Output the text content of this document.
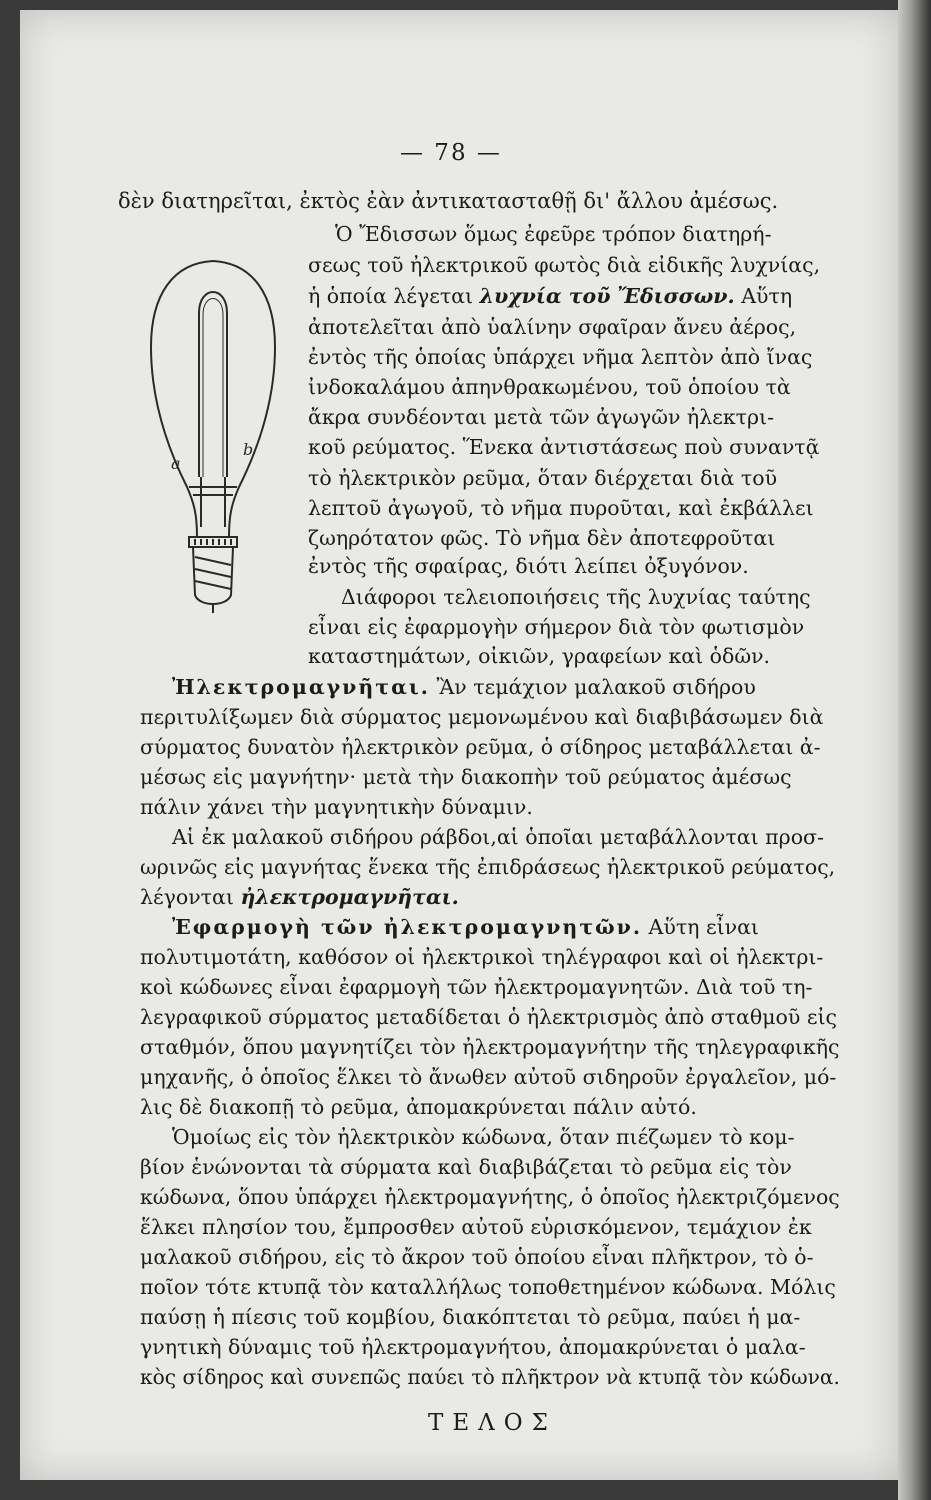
— 78 —
a
b
δὲν διατηρεῖται, ἐκτὸς ἐὰν ἀντικατασταθῇ δι' ἄλλου ἀμέσως.
Ὁ Ἔδισσων ὅμως ἐφεῦρε τρόπον διατηρή-
σεως τοῦ ἠλεκτρικοῦ φωτὸς διὰ εἰδικῆς λυχνίας,
ἡ ὁποία λέγεται λυχνία τοῦ Ἔδισσων. Αὕτη
ἀποτελεῖται ἀπὸ ὑαλίνην σφαῖραν ἄνευ ἀέρος,
ἐντὸς τῆς ὁποίας ὑπάρχει νῆμα λεπτὸν ἀπὸ ἴνας
ἰνδοκαλάμου ἀπηνθρακωμένου, τοῦ ὁποίου τὰ
ἄκρα συνδέονται μετὰ τῶν ἀγωγῶν ἠλεκτρι-
κοῦ ρεύματος. Ἕνεκα ἀντιστάσεως ποὺ συναντᾷ
τὸ ἠλεκτρικὸν ρεῦμα, ὅταν διέρχεται διὰ τοῦ
λεπτοῦ ἀγωγοῦ, τὸ νῆμα πυροῦται, καὶ ἐκβάλλει
ζωηρότατον φῶς. Τὸ νῆμα δὲν ἀποτεφροῦται
ἐντὸς τῆς σφαίρας, διότι λείπει ὀξυγόνον.
Διάφοροι τελειοποιήσεις τῆς λυχνίας ταύτης
εἶναι εἰς ἐφαρμογὴν σήμερον διὰ τὸν φωτισμὸν
καταστημάτων, οἰκιῶν, γραφείων καὶ ὁδῶν.
Ἠλεκτρομαγνῆται. Ἂν τεμάχιον μαλακοῦ σιδήρου
περιτυλίξωμεν διὰ σύρματος μεμονωμένου καὶ διαβιβάσωμεν διὰ
σύρματος δυνατὸν ἠλεκτρικὸν ρεῦμα, ὁ σίδηρος μεταβάλλεται ἀ-
μέσως εἰς μαγνήτην· μετὰ τὴν διακοπὴν τοῦ ρεύματος ἀμέσως
πάλιν χάνει τὴν μαγνητικὴν δύναμιν.
Αἱ ἐκ μαλακοῦ σιδήρου ράβδοι,αἱ ὁποῖαι μεταβάλλονται προσ-
ωρινῶς εἰς μαγνήτας ἕνεκα τῆς ἐπιδράσεως ἠλεκτρικοῦ ρεύματος,
λέγονται ἠλεκτρομαγνῆται.
Ἐφαρμογὴ τῶν ἠλεκτρομαγνητῶν. Αὕτη εἶναι
πολυτιμοτάτη, καθόσον οἱ ἠλεκτρικοὶ τηλέγραφοι καὶ οἱ ἠλεκτρι-
κοὶ κώδωνες εἶναι ἐφαρμογὴ τῶν ἠλεκτρομαγνητῶν. Διὰ τοῦ τη-
λεγραφικοῦ σύρματος μεταδίδεται ὁ ἠλεκτρισμὸς ἀπὸ σταθμοῦ εἰς
σταθμόν, ὅπου μαγνητίζει τὸν ἠλεκτρομαγνήτην τῆς τηλεγραφικῆς
μηχανῆς, ὁ ὁποῖος ἕλκει τὸ ἄνωθεν αὐτοῦ σιδηροῦν ἐργαλεῖον, μό-
λις δὲ διακοπῇ τὸ ρεῦμα, ἀπομακρύνεται πάλιν αὐτό.
Ὁμοίως εἰς τὸν ἠλεκτρικὸν κώδωνα, ὅταν πιέζωμεν τὸ κομ-
βίον ἑνώνονται τὰ σύρματα καὶ διαβιβάζεται τὸ ρεῦμα εἰς τὸν
κώδωνα, ὅπου ὑπάρχει ἠλεκτρομαγνήτης, ὁ ὁποῖος ἠλεκτριζόμενος
ἕλκει πλησίον του, ἔμπροσθεν αὐτοῦ εὑρισκόμενον, τεμάχιον ἐκ
μαλακοῦ σιδήρου, εἰς τὸ ἄκρον τοῦ ὁποίου εἶναι πλῆκτρον, τὸ ὁ-
ποῖον τότε κτυπᾷ τὸν καταλλήλως τοποθετημένον κώδωνα. Μόλις
παύσῃ ἡ πίεσις τοῦ κομβίου, διακόπτεται τὸ ρεῦμα, παύει ἡ μα-
γνητικὴ δύναμις τοῦ ἠλεκτρομαγνήτου, ἀπομακρύνεται ὁ μαλα-
κὸς σίδηρος καὶ συνεπῶς παύει τὸ πλῆκτρον νὰ κτυπᾷ τὸν κώδωνα.
ΤΕΛΟΣ
